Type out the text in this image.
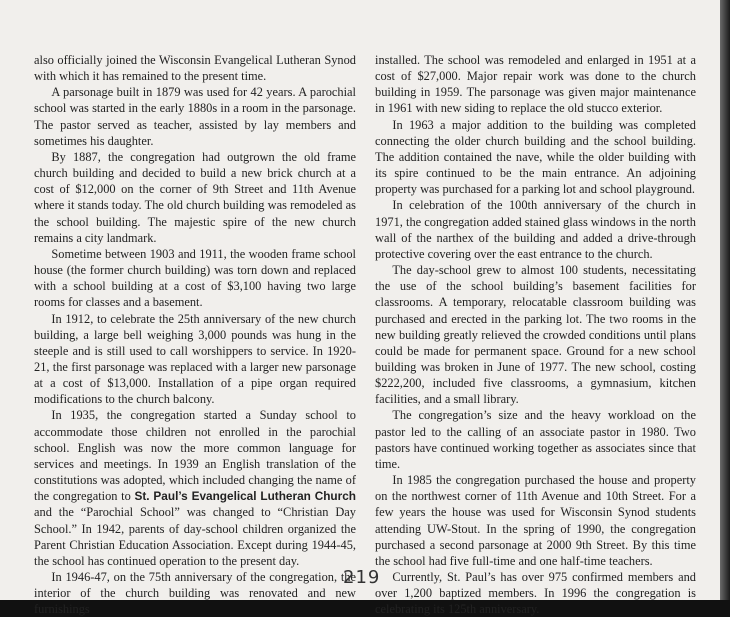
also officially joined the Wisconsin Evangelical Lutheran Synod with which it has remained to the present time.

A parsonage built in 1879 was used for 42 years. A parochial school was started in the early 1880s in a room in the parsonage. The pastor served as teacher, assisted by lay members and sometimes his daughter.

By 1887, the congregation had outgrown the old frame church building and decided to build a new brick church at a cost of $12,000 on the corner of 9th Street and 11th Avenue where it stands today. The old church building was remodeled as the school building. The majestic spire of the new church remains a city landmark.

Sometime between 1903 and 1911, the wooden frame school house (the former church building) was torn down and replaced with a school building at a cost of $3,100 having two large rooms for classes and a basement.

In 1912, to celebrate the 25th anniversary of the new church building, a large bell weighing 3,000 pounds was hung in the steeple and is still used to call worshippers to service. In 1920-21, the first parsonage was replaced with a larger new parsonage at a cost of $13,000. Installation of a pipe organ required modifications to the church balcony.

In 1935, the congregation started a Sunday school to accommodate those children not enrolled in the parochial school. English was now the more common language for services and meetings. In 1939 an English translation of the constitutions was adopted, which included changing the name of the congregation to St. Paul’s Evangelical Lutheran Church and the “Parochial School” was changed to “Christian Day School.” In 1942, parents of day-school children organized the Parent Christian Education Association. Except during 1944-45, the school has continued operation to the present day.

In 1946-47, on the 75th anniversary of the congregation, the interior of the church building was renovated and new furnishings

installed. The school was remodeled and enlarged in 1951 at a cost of $27,000. Major repair work was done to the church building in 1959. The parsonage was given major maintenance in 1961 with new siding to replace the old stucco exterior.

In 1963 a major addition to the building was completed connecting the older church building and the school building. The addition contained the nave, while the older building with its spire continued to be the main entrance. An adjoining property was purchased for a parking lot and school playground.

In celebration of the 100th anniversary of the church in 1971, the congregation added stained glass windows in the north wall of the narthex of the building and added a drive-through protective covering over the east entrance to the church.

The day-school grew to almost 100 students, necessitating the use of the school building’s basement facilities for classrooms. A temporary, relocatable classroom building was purchased and erected in the parking lot. The two rooms in the new building greatly relieved the crowded conditions until plans could be made for permanent space. Ground for a new school building was broken in June of 1977. The new school, costing $222,200, included five classrooms, a gymnasium, kitchen facilities, and a small library.

The congregation’s size and the heavy workload on the pastor led to the calling of an associate pastor in 1980. Two pastors have continued working together as associates since that time.

In 1985 the congregation purchased the house and property on the northwest corner of 11th Avenue and 10th Street. For a few years the house was used for Wisconsin Synod students attending UW-Stout. In the spring of 1990, the congregation purchased a second parsonage at 2000 9th Street. By this time the school had five full-time and one half-time teachers.

Currently, St. Paul’s has over 975 confirmed members and over 1,200 baptized members. In 1996 the congregation is celebrating its 125th anniversary.

219
